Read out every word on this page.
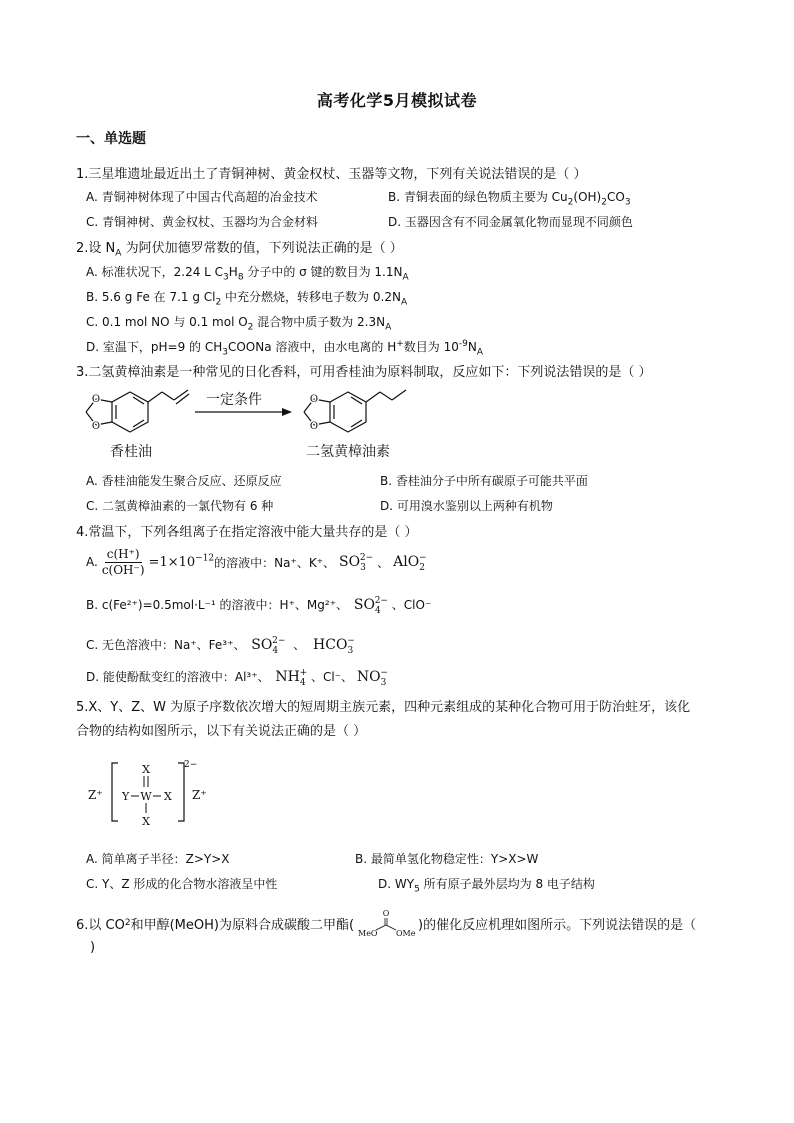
高考化学5月模拟试卷
一、单选题
1.三星堆遗址最近出土了青铜神树、黄金权杖、玉器等文物，下列有关说法错误的是（ ）
A. 青铜神树体现了中国古代高超的冶金技术	B. 青铜表面的绿色物质主要为 $Cu_2(OH)_2CO_3$
C. 青铜神树、黄金权杖、玉器均为合金材料	D. 玉器因含有不同金属氧化物而显现不同颜色
2.设 $N_A$ 为阿伏加德罗常数的值，下列说法正确的是（ ）
A. 标准状况下，2.24 L $C_3H_8$ 分子中的 σ 键的数目为 $1.1N_A$
B. 5.6 g Fe 在 7.1 g $Cl_2$ 中充分燃烧，转移电子数为 $0.2N_A$
C. 0.1 mol NO 与 0.1 mol $O_2$ 混合物中质子数为 $2.3N_A$
D. 室温下，pH=9 的 $CH_3COONa$ 溶液中，由水电离的 H+数目为 $10^{-9}N_A$
3.二氢黄樟油素是一种常见的日化香料，可用香桂油为原料制取，反应如下：下列说法错误的是（ ）
O
O
香桂油
一定条件	O
O
二氢黄樟油素
A. 香桂油能发生聚合反应、还原反应	B. 香桂油分子中所有碳原子可能共平面
C. 二氢黄樟油素的一氯代物有 6 种	D. 可用溴水鉴别以上两种有机物
4.常温下，下列各组离子在指定溶液中能大量共存的是（ ）
A. $\frac{c(H^+)}{c(OH^-)} =1\times 10^{-12}$ 的溶液中：Na⁺、K⁺、 $SO_3^{2-}$ 、 AlO$_2$−
B. c(Fe²⁺)=0.5mol·L⁻¹ 的溶液中：H⁺、Mg²⁺、 $SO_4^{2-}$ 、ClO⁻
C. 无色溶液中：Na⁺、Fe³⁺、 $SO_4^{2-}$ 、 $HCO_3^-$
D. 能使酚酞变红的溶液中：Al³⁺、 $NH_4^+$ 、Cl⁻、 $NO_3^-$
5.X、Y、Z、W 为原子序数依次增大的短周期主族元素，四种元素组成的某种化合物可用于防治蛀牙，该化
合物的结构如图所示，以下有关说法正确的是（ ）
Z⁺
2−
X
Y W X
X
Z⁺
A. 简单离子半径：Z>Y>X	B. 最简单氢化物稳定性：Y>X>W
C. Y、Z 形成的化合物水溶液呈中性	D. $WY_5$ 所有原子最外层均为 8 电子结构
6.以 CO 2 和甲醇(MeOH)为原料合成碳酸二甲酯(
O
MeO OMe
)的催化反应机理如图所示。下列说法错误的是（
)
